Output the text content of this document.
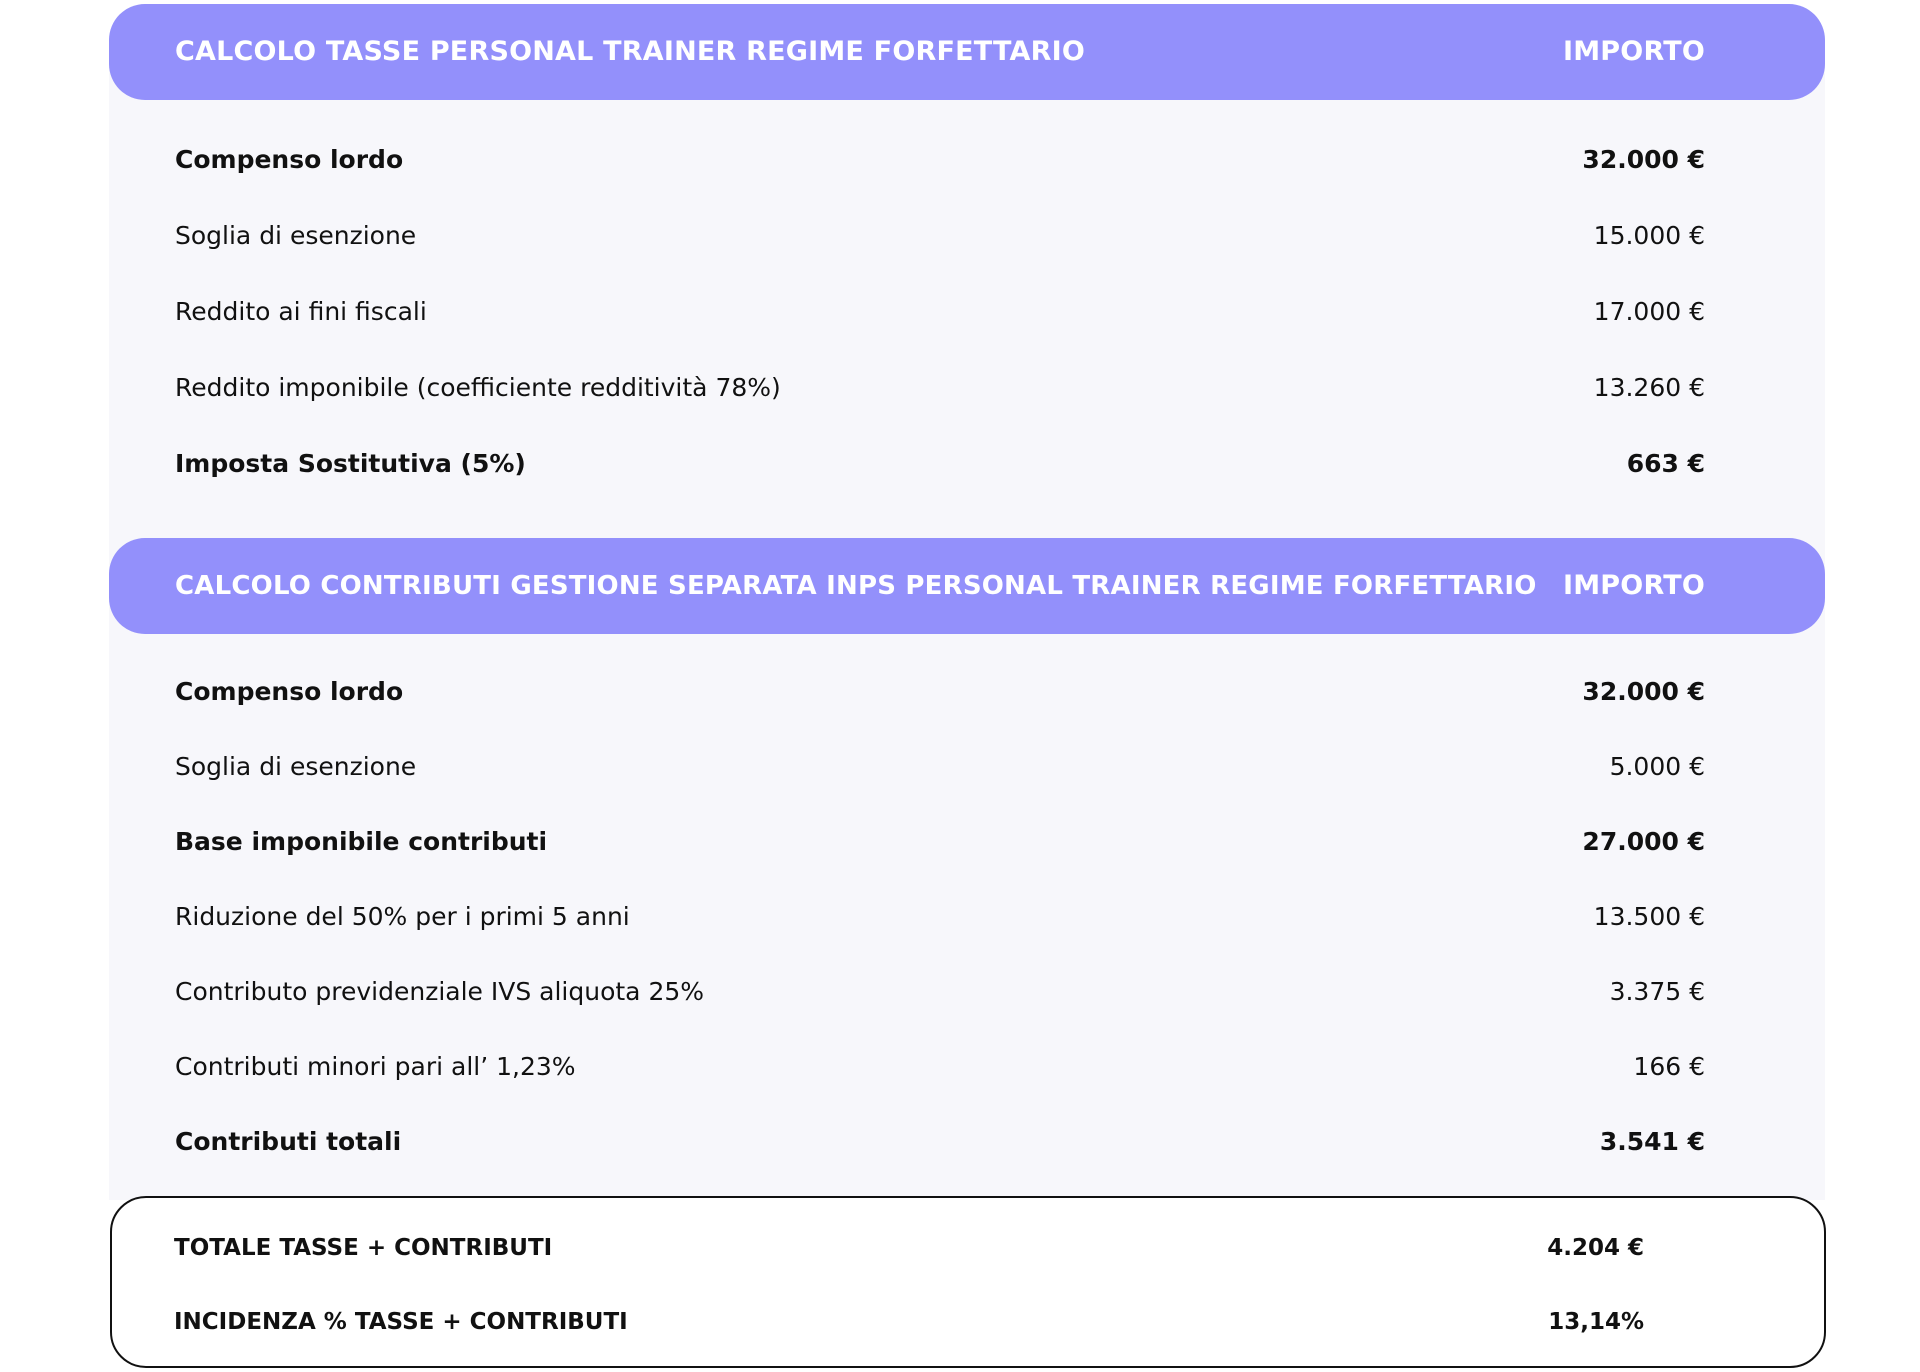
CALCOLO TASSE PERSONAL TRAINER REGIME FORFETTARIO	IMPORTO
Compenso lordo	32.000 €
Soglia di esenzione	15.000 €
Reddito ai fini fiscali	17.000 €
Reddito imponibile (coefficiente redditività 78%)	13.260 €
Imposta Sostitutiva (5%)	663 €
CALCOLO CONTRIBUTI GESTIONE SEPARATA INPS PERSONAL TRAINER REGIME FORFETTARIO IMPORTO
Compenso lordo	32.000 €
Soglia di esenzione	5.000 €
Base imponibile contributi	27.000 €
Riduzione del 50% per i primi 5 anni	13.500 €
Contributo previdenziale IVS aliquota 25%	3.375 €
Contributi minori pari all’ 1,23%	166 €
Contributi totali	3.541 €
TOTALE TASSE + CONTRIBUTI	4.204 €
INCIDENZA % TASSE + CONTRIBUTI	13,14%
